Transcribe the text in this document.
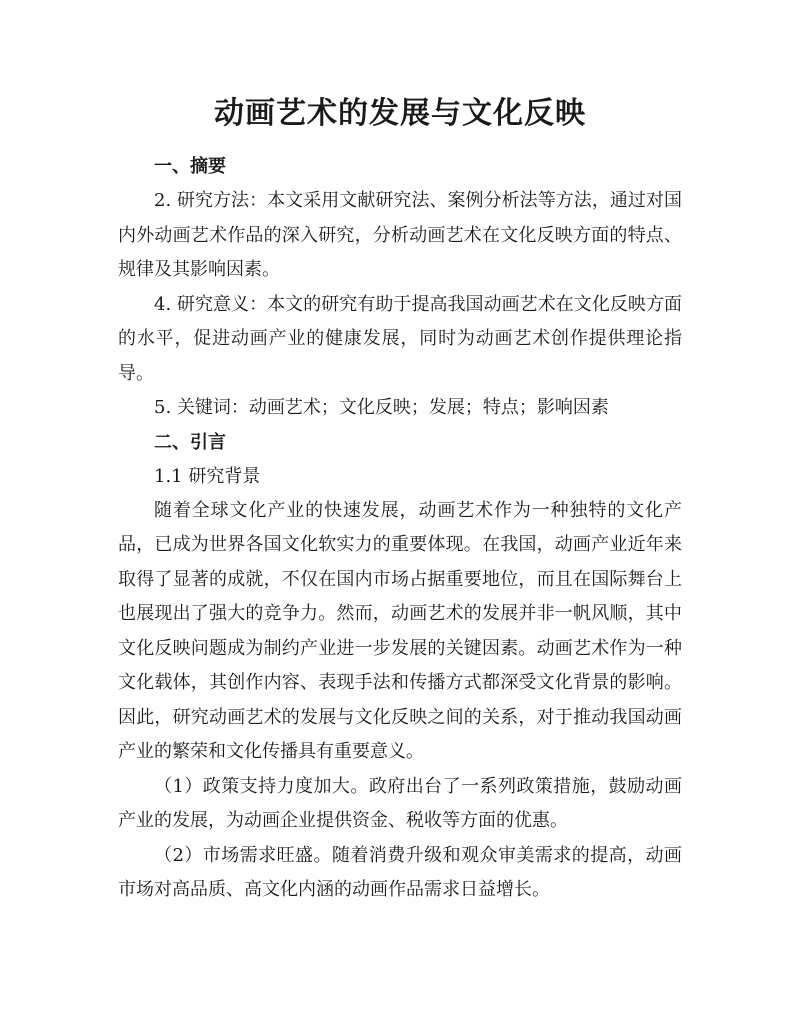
动画艺术的发展与文化反映
一、摘要

2. 研究方法：本文采用文献研究法、案例分析法等方法，通过对国内外动画艺术作品的深入研究，分析动画艺术在文化反映方面的特点、规律及其影响因素。

4. 研究意义：本文的研究有助于提高我国动画艺术在文化反映方面的水平，促进动画产业的健康发展，同时为动画艺术创作提供理论指导。

5. 关键词：动画艺术；文化反映；发展；特点；影响因素

二、引言
1.1 研究背景

随着全球文化产业的快速发展，动画艺术作为一种独特的文化产品，已成为世界各国文化软实力的重要体现。在我国，动画产业近年来取得了显著的成就，不仅在国内市场占据重要地位，而且在国际舞台上也展现出了强大的竞争力。然而，动画艺术的发展并非一帆风顺，其中文化反映问题成为制约产业进一步发展的关键因素。动画艺术作为一种文化载体，其创作内容、表现手法和传播方式都深受文化背景的影响。因此，研究动画艺术的发展与文化反映之间的关系，对于推动我国动画产业的繁荣和文化传播具有重要意义。

（1）政策支持力度加大。政府出台了一系列政策措施，鼓励动画产业的发展，为动画企业提供资金、税收等方面的优惠。

（2）市场需求旺盛。随着消费升级和观众审美需求的提高，动画市场对高品质、高文化内涵的动画作品需求日益增长。
